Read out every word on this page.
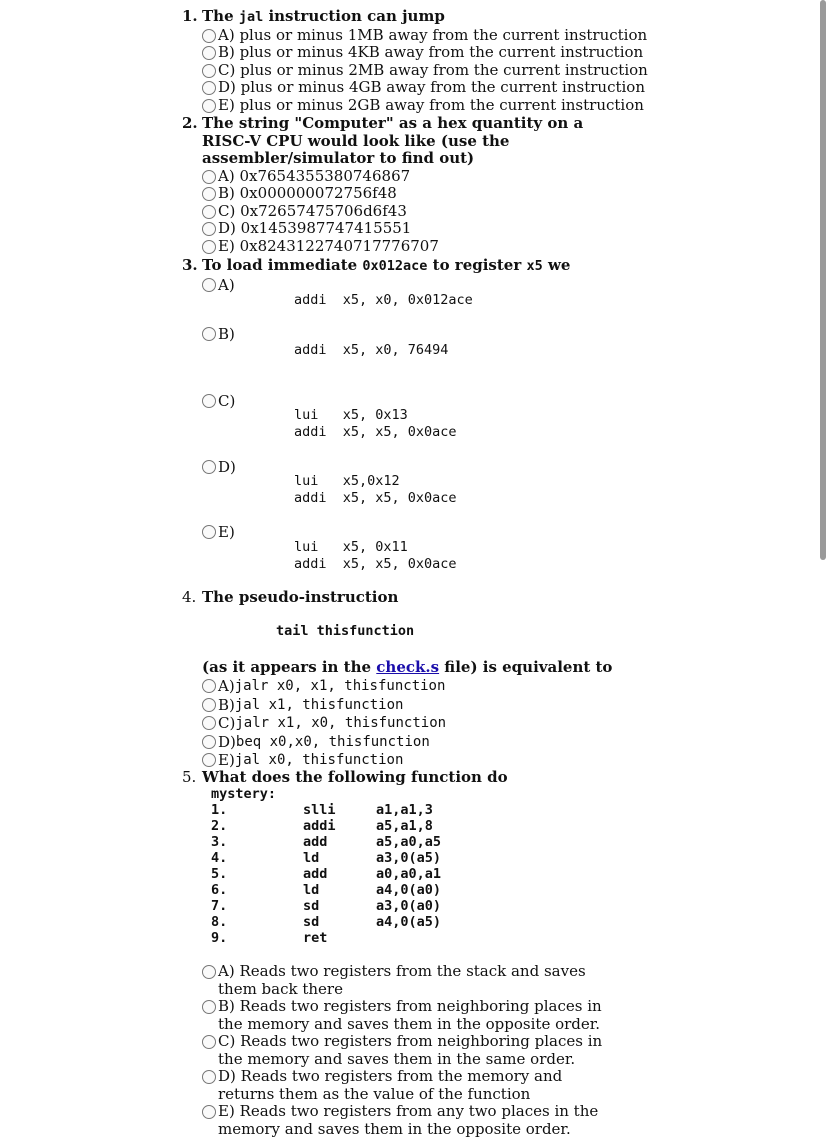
1. The jal instruction can jump
A) plus or minus 1MB away from the current instruction
B) plus or minus 4KB away from the current instruction
C) plus or minus 2MB away from the current instruction
D) plus or minus 4GB away from the current instruction
E) plus or minus 2GB away from the current instruction
2. The string "Computer" as a hex quantity on a RISC-V CPU would look like (use the assembler/simulator to find out)
A) 0x7654355380746867
B) 0x000000072756f48
C) 0x72657475706d6f43
D) 0x1453987747415551
E) 0x8243122740717776707
3. To load immediate 0x012ace to register x5 we
A)
addi  x5, x0, 0x012ace
B)
addi  x5, x0, 76494
C)
lui   x5, 0x13
addi  x5, x5, 0x0ace
D)
lui   x5,0x12
addi  x5, x5, 0x0ace
E)
lui   x5, 0x11
addi  x5, x5, 0x0ace
4. The pseudo-instruction
tail thisfunction
(as it appears in the check.s file) is equivalent to
A) jalr x0, x1, thisfunction
B) jal x1, thisfunction
C) jalr x1, x0, thisfunction
D) beq x0,x0, thisfunction
E) jal x0, thisfunction
5. What does the following function do
mystery:
1.	slli	a1,a1,3
2.	addi	a5,a1,8
3.	add	a5,a0,a5
4.	ld	a3,0(a5)
5.	add	a0,a0,a1
6.	ld	a4,0(a0)
7.	sd	a3,0(a0)
8.	sd	a4,0(a5)
9.	ret
A) Reads two registers from the stack and saves them back there
B) Reads two registers from neighboring places in the memory and saves them in the opposite order.
C) Reads two registers from neighboring places in the memory and saves them in the same order.
D) Reads two registers from the memory and returns them as the value of the function
E) Reads two registers from any two places in the memory and saves them in the opposite order.
